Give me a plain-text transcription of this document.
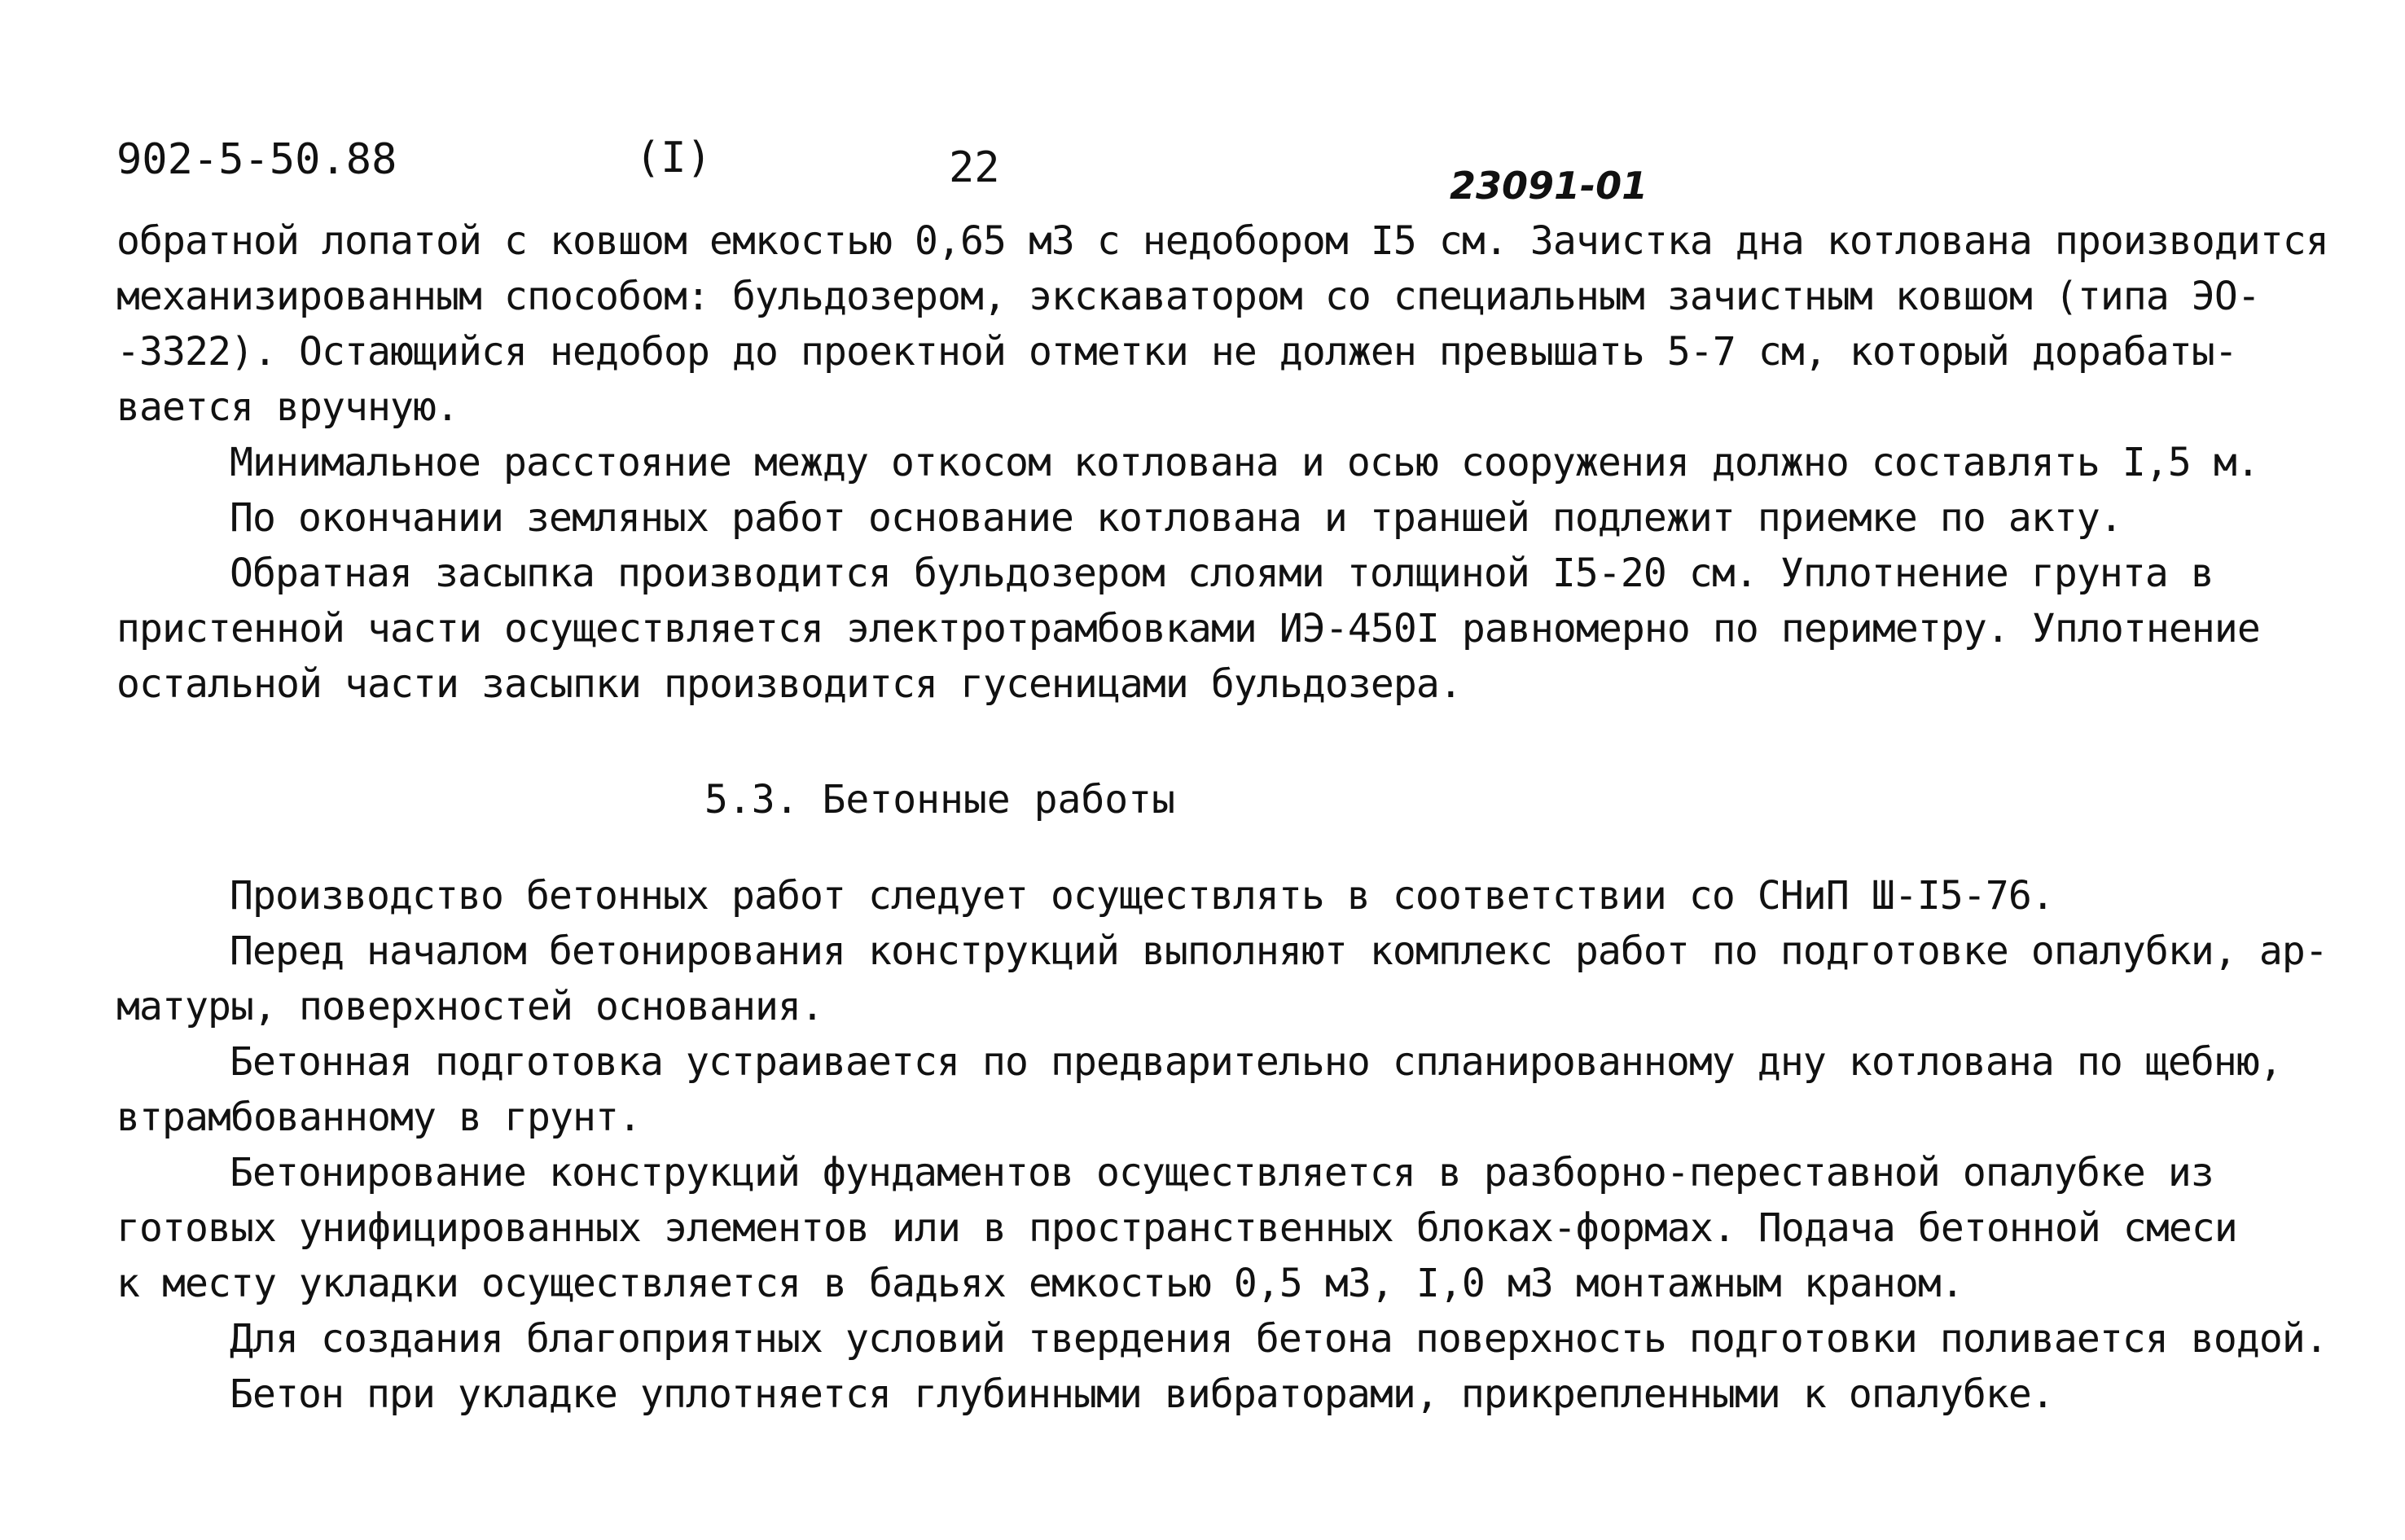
902-5-50.88	(I)	22	23091-01
обратной лопатой с ковшом емкостью 0,65 м3 с недобором I5 см. Зачистка дна котлована производится
механизированным способом: бульдозером, экскаватором со специальным зачистным ковшом (типа ЭО-
-3322). Остающийся недобор до проектной отметки не должен превышать 5-7 см, который дорабаты-
вается вручную.
Минимальное расстояние между откосом котлована и осью сооружения должно составлять I,5 м.
По окончании земляных работ основание котлована и траншей подлежит приемке по акту.
Обратная засыпка производится бульдозером слоями толщиной I5-20 см. Уплотнение грунта в
пристенной части осуществляется электротрамбовками ИЭ-450I равномерно по периметру. Уплотнение
остальной части засыпки производится гусеницами бульдозера.
5.3. Бетонные работы
Производство бетонных работ следует осуществлять в соответствии со СНиП Ш-I5-76.
Перед началом бетонирования конструкций выполняют комплекс работ по подготовке опалубки, ар-
матуры, поверхностей основания.
Бетонная подготовка устраивается по предварительно спланированному дну котлована по щебню,
втрамбованному в грунт.
Бетонирование конструкций фундаментов осуществляется в разборно-переставной опалубке из
готовых унифицированных элементов или в пространственных блоках-формах. Подача бетонной смеси
к месту укладки осуществляется в бадьях емкостью 0,5 м3, I,0 м3 монтажным краном.
Для создания благоприятных условий твердения бетона поверхность подготовки поливается водой.
Бетон при укладке уплотняется глубинными вибраторами, прикрепленными к опалубке.
